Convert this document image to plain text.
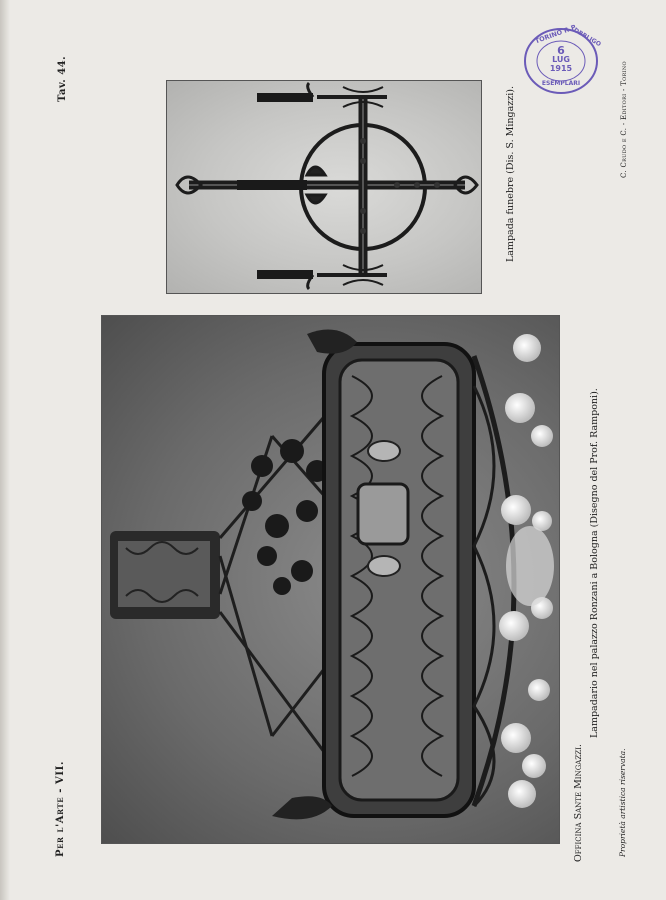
Tav. 44.
Per l'Arte - VII.
Lampada funebre (Dis. S. Mingazzi).
TORINO R.P.
OBBLIGO
6
LUG
1915
ESEMPLARI	C. Crudo e C. - Editori - Torino
Officina Sante Mingazzi.
Lampadario nel palazzo Ronzani a Bologna (Disegno del Prof. Ramponi).
Proprietà artistica riservata.
